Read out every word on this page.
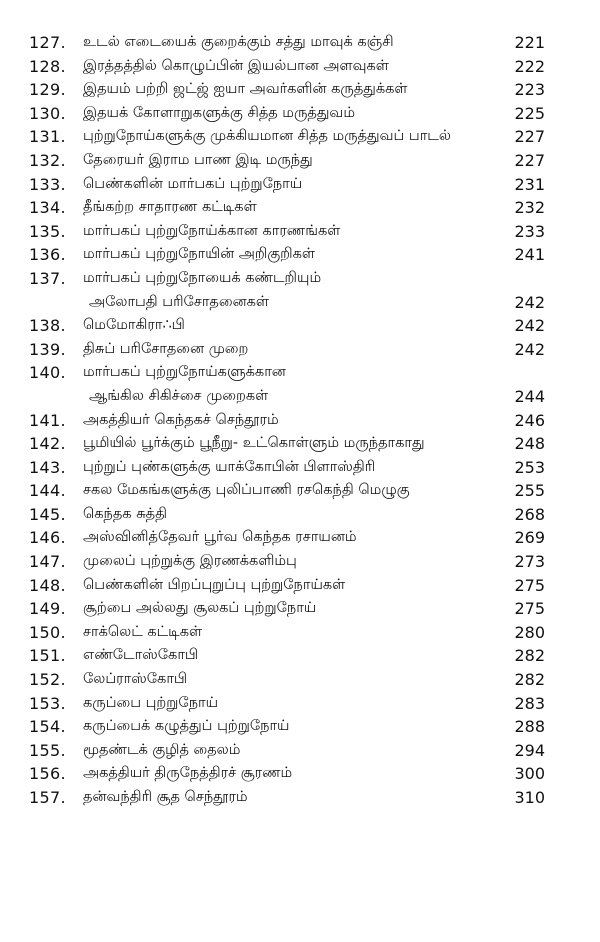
127. உடல் எடையைக் குறைக்கும் சத்து மாவுக் கஞ்சி	221
128. இரத்தத்தில் கொழுப்பின் இயல்பான அளவுகள்	222
129. இதயம் பற்றி ஜட்ஜ் ஐயா அவர்களின் கருத்துக்கள்	223
130. இதயக் கோளாறுகளுக்கு சித்த மருத்துவம்	225
131. புற்றுநோய்களுக்கு முக்கியமான சித்த மருத்துவப் பாடல்	227
132. தேரையர் இராம பாண இடி மருந்து	227
133. பெண்களின் மார்பகப் புற்றுநோய்	231
134. தீங்கற்ற சாதாரண கட்டிகள்	232
135. மார்பகப் புற்றுநோய்க்கான காரணங்கள்	233
136. மார்பகப் புற்றுநோயின் அறிகுறிகள்	241
137. மார்பகப் புற்றுநோயைக் கண்டறியும்
அலோபதி பரிசோதனைகள்	242
138. மெமோகிரா∴பி	242
139. திசுப் பரிசோதனை முறை	242
140. மார்பகப் புற்றுநோய்களுக்கான
ஆங்கில சிகிச்சை முறைகள்	244
141. அகத்தியர் கெந்தகச் செந்தூரம்	246
142. பூமியில் பூர்க்கும் பூநீறு- உட்கொள்ளும் மருந்தாகாது	248
143. புற்றுப் புண்களுக்கு யாக்கோபின் பிளாஸ்திரி	253
144. சகல மேகங்களுக்கு புலிப்பாணி ரசகெந்தி மெழுகு	255
145. கெந்தக சுத்தி	268
146. அஸ்வினித்தேவர் பூர்வ கெந்தக ரசாயனம்	269
147. முலைப் புற்றுக்கு இரணக்களிம்பு	273
148. பெண்களின் பிறப்புறுப்பு புற்றுநோய்கள்	275
149. சூற்பை அல்லது சூலகப் புற்றுநோய்	275
150. சாக்லெட் கட்டிகள்	280
151. எண்டோஸ்கோபி	282
152. லேப்ராஸ்கோபி	282
153. கருப்பை புற்றுநோய்	283
154. கருப்பைக் கழுத்துப் புற்றுநோய்	288
155. மூதண்டக் குழித் தைலம்	294
156. அகத்தியர் திருநேத்திரச் சூரணம்	300
157. தன்வந்திரி சூத செந்தூரம்	310
